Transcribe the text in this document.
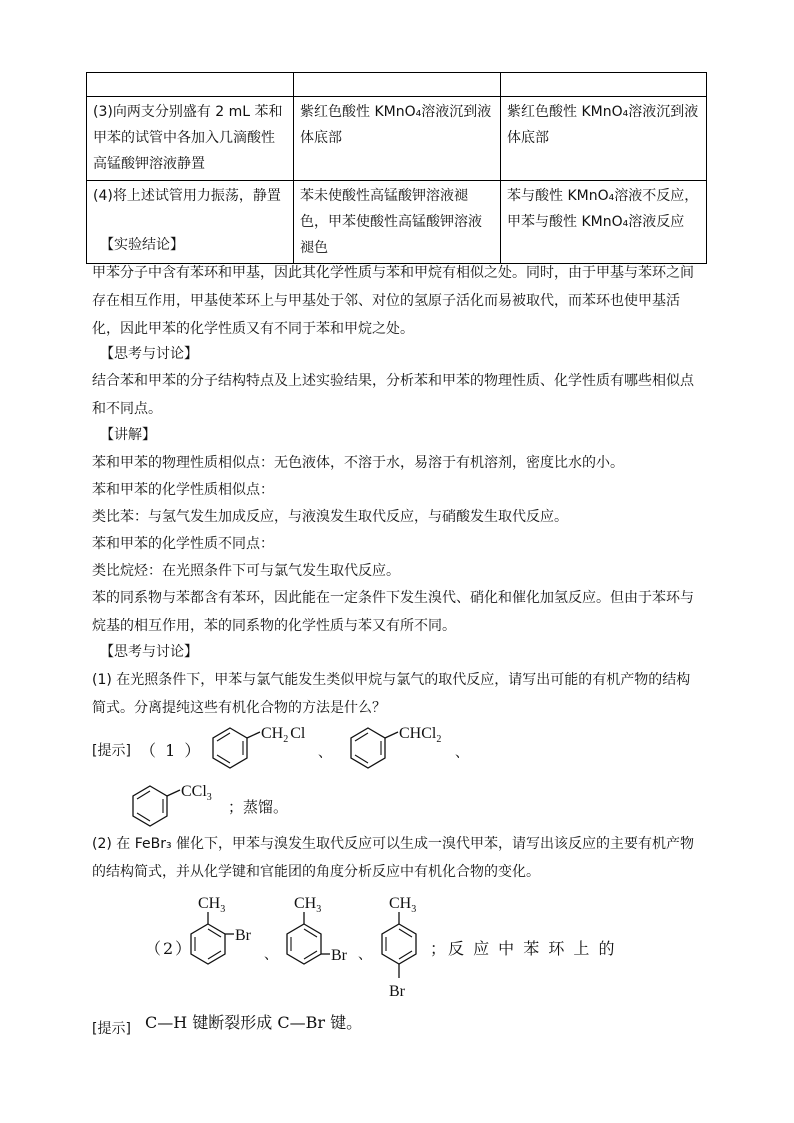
(3)向两支分别盛有 2 mL 苯和甲苯的试管中各加入几滴酸性高锰酸钾溶液静置	紫红色酸性 KMnO₄溶液沉到液体底部	紫红色酸性 KMnO₄溶液沉到液体底部
(4)将上述试管用力振荡，静置	苯未使酸性高锰酸钾溶液褪色，甲苯使酸性高锰酸钾溶液褪色	苯与酸性 KMnO₄溶液不反应，甲苯与酸性 KMnO₄溶液反应
【实验结论】
甲苯分子中含有苯环和甲基，因此其化学性质与苯和甲烷有相似之处。同时，由于甲基与苯环之间存在相互作用，甲基使苯环上与甲基处于邻、对位的氢原子活化而易被取代，而苯环也使甲基活化，因此甲苯的化学性质又有不同于苯和甲烷之处。
【思考与讨论】
结合苯和甲苯的分子结构特点及上述实验结果，分析苯和甲苯的物理性质、化学性质有哪些相似点和不同点。
【讲解】
苯和甲苯的物理性质相似点：无色液体，不溶于水，易溶于有机溶剂，密度比水的小。
苯和甲苯的化学性质相似点：
类比苯：与氢气发生加成反应，与液溴发生取代反应，与硝酸发生取代反应。
苯和甲苯的化学性质不同点：
类比烷烃：在光照条件下可与氯气发生取代反应。
苯的同系物与苯都含有苯环，因此能在一定条件下发生溴代、硝化和催化加氢反应。但由于苯环与烷基的相互作用，苯的同系物的化学性质与苯又有所不同。
【思考与讨论】
(1) 在光照条件下，甲苯与氯气能发生类似甲烷与氯气的取代反应，请写出可能的有机产物的结构简式。分离提纯这些有机化合物的方法是什么？
[提示] （ 1 ）
$CH_2$ Cl
、
CHCl$_2$
、
CCl$_3$
；蒸馏。
(2) 在 FeBr₃ 催化下，甲苯与溴发生取代反应可以生成一溴代甲苯，请写出该反应的主要有机产物的结构简式，并从化学键和官能团的角度分析反应中有机化合物的变化。
（2）
$CH_3$
Br
、
$CH_3$
Br 、
$CH_3$
Br
；反 应 中 苯 环 上 的
[提示] C—H 键断裂形成 C—Br 键。
